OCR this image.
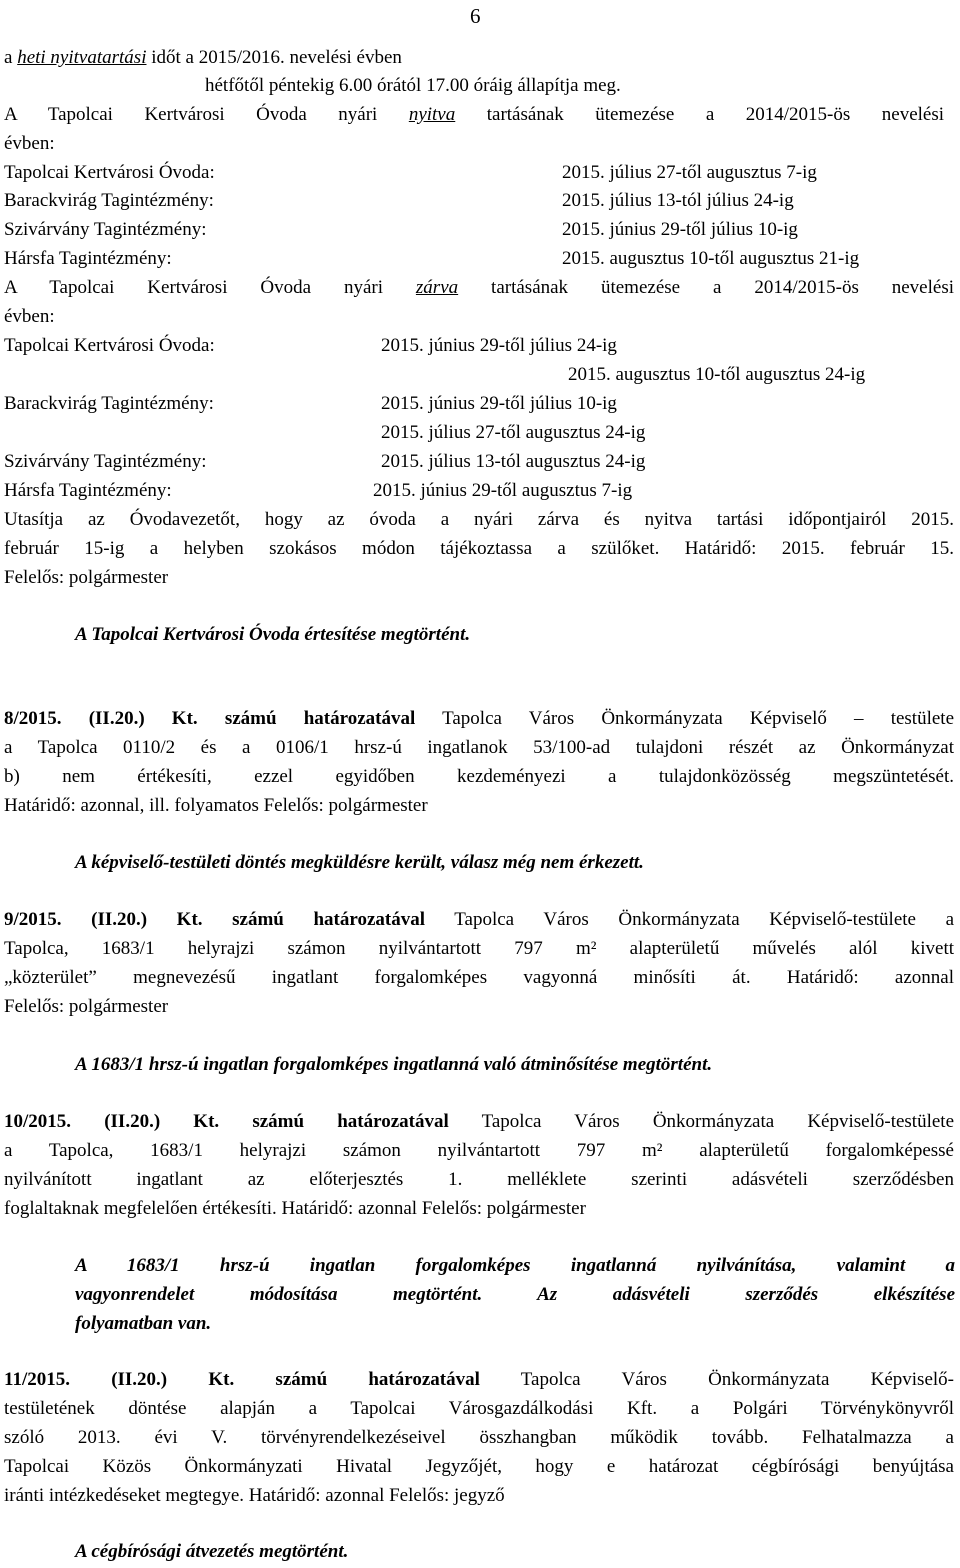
6
a heti nyitvatartási időt a 2015/2016. nevelési évben
hétfőtől péntekig 6.00 órától 17.00 óráig állapítja meg.
A Tapolcai Kertvárosi Óvoda nyári nyitva tartásának ütemezése a 2014/2015-ös nevelési
évben:
Tapolcai Kertvárosi Óvoda:	2015. július 27-től augusztus 7-ig
Barackvirág Tagintézmény:	2015. július 13-tól július 24-ig
Szivárvány Tagintézmény:	2015. június 29-től július 10-ig
Hársfa Tagintézmény:	2015. augusztus 10-től augusztus 21-ig
A Tapolcai Kertvárosi Óvoda nyári zárva tartásának ütemezése a 2014/2015-ös nevelési
évben:
Tapolcai Kertvárosi Óvoda:	2015. június 29-től július 24-ig
2015. augusztus 10-től augusztus 24-ig
Barackvirág Tagintézmény:	2015. június 29-től július 10-ig
2015. július 27-től augusztus 24-ig
Szivárvány Tagintézmény:	2015. július 13-tól augusztus 24-ig
Hársfa Tagintézmény:	2015. június 29-től augusztus 7-ig
Utasítja az Óvodavezetőt, hogy az óvoda a nyári zárva és nyitva tartási időpontjairól 2015.
február 15-ig a helyben szokásos módon tájékoztassa a szülőket. Határidő: 2015. február 15.
Felelős: polgármester
A Tapolcai Kertvárosi Óvoda értesítése megtörtént.
8/2015. (II.20.) Kt. számú határozatával Tapolca Város Önkormányzata Képviselő – testülete
a Tapolca 0110/2 és a 0106/1 hrsz-ú ingatlanok 53/100-ad tulajdoni részét az Önkormányzat
b) nem értékesíti, ezzel egyidőben kezdeményezi a tulajdonközösség megszüntetését.
Határidő: azonnal, ill. folyamatos Felelős: polgármester
A képviselő-testületi döntés megküldésre került, válasz még nem érkezett.
9/2015. (II.20.) Kt. számú határozatával Tapolca Város Önkormányzata Képviselő-testülete a
Tapolca, 1683/1 helyrajzi számon nyilvántartott 797 m² alapterületű művelés alól kivett
„közterület” megnevezésű ingatlant forgalomképes vagyonná minősíti át. Határidő: azonnal
Felelős: polgármester
A 1683/1 hrsz-ú ingatlan forgalomképes ingatlanná való átminősítése megtörtént.
10/2015. (II.20.) Kt. számú határozatával Tapolca Város Önkormányzata Képviselő-testülete
a Tapolca, 1683/1 helyrajzi számon nyilvántartott 797 m² alapterületű forgalomképessé
nyilvánított ingatlant az előterjesztés 1. melléklete szerinti adásvételi szerződésben
foglaltaknak megfelelően értékesíti. Határidő: azonnal Felelős: polgármester
A 1683/1 hrsz-ú ingatlan forgalomképes ingatlanná nyilvánítása, valamint a
vagyonrendelet módosítása megtörtént. Az adásvételi szerződés elkészítése
folyamatban van.
11/2015. (II.20.) Kt. számú határozatával Tapolca Város Önkormányzata Képviselő-
testületének döntése alapján a Tapolcai Városgazdálkodási Kft. a Polgári Törvénykönyvről
szóló 2013. évi V. törvényrendelkezéseivel összhangban működik tovább. Felhatalmazza a
Tapolcai Közös Önkormányzati Hivatal Jegyzőjét, hogy e határozat cégbírósági benyújtása
iránti intézkedéseket megtegye. Határidő: azonnal Felelős: jegyző
A cégbírósági átvezetés megtörtént.
